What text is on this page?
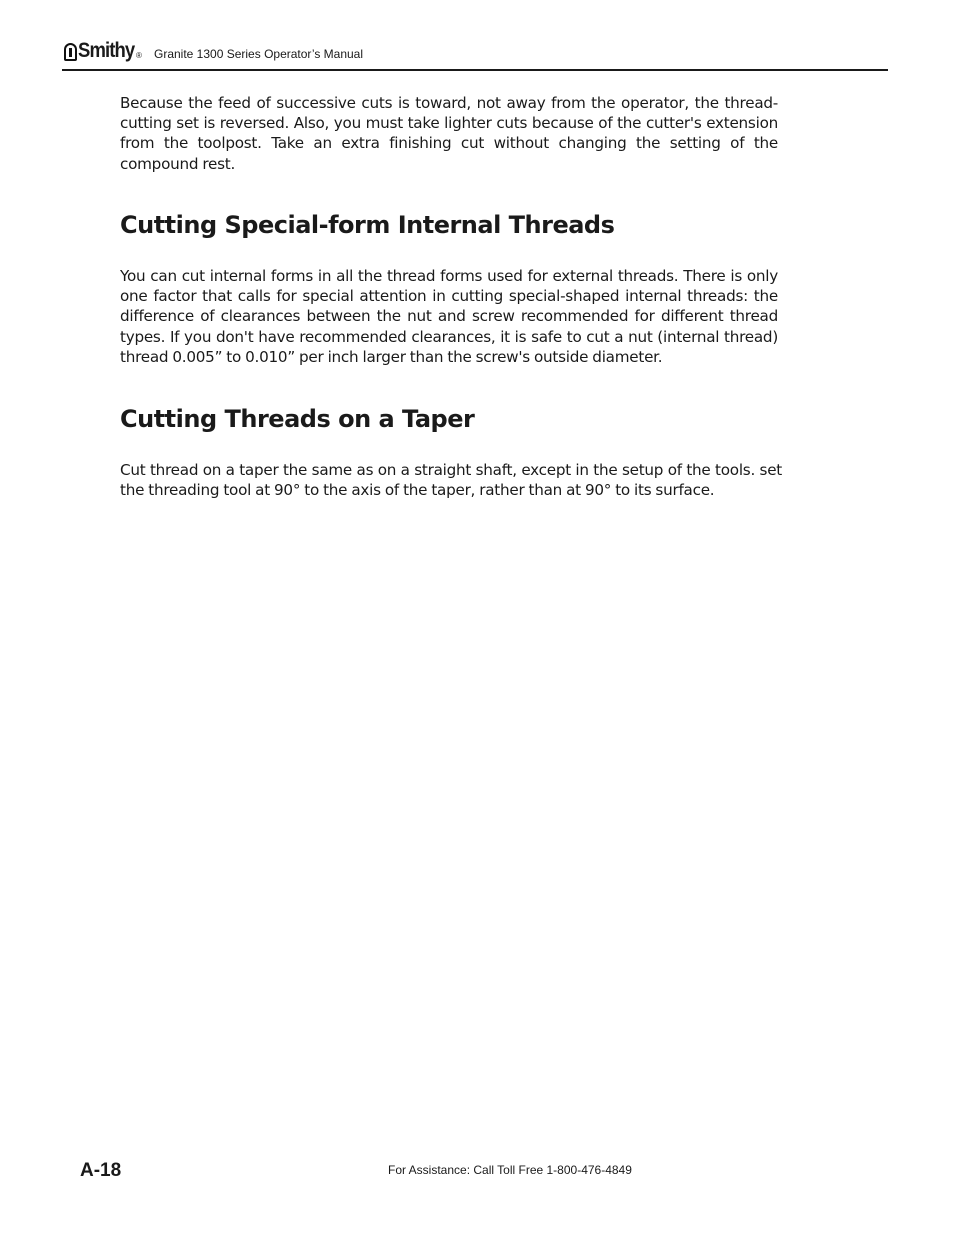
Smithy ® Granite 1300 Series Operator’s Manual

Because the feed of successive cuts is toward, not away from the operator, the thread-cutting set is reversed. Also, you must take lighter cuts because of the cutter's extension from the toolpost. Take an extra finishing cut without changing the setting of the compound rest.

Cutting Special-form Internal Threads

You can cut internal forms in all the thread forms used for external threads. There is only one factor that calls for special attention in cutting special-shaped internal threads: the difference of clearances between the nut and screw recommended for different thread types. If you don't have recommended clearances, it is safe to cut a nut (internal thread) thread 0.005” to 0.010” per inch larger than the screw's outside diameter.

Cutting Threads on a Taper

Cut thread on a taper the same as on a straight shaft, except in the setup of the tools. set the threading tool at 90° to the axis of the taper, rather than at 90° to its surface.

A-18	For Assistance: Call Toll Free 1-800-476-4849
